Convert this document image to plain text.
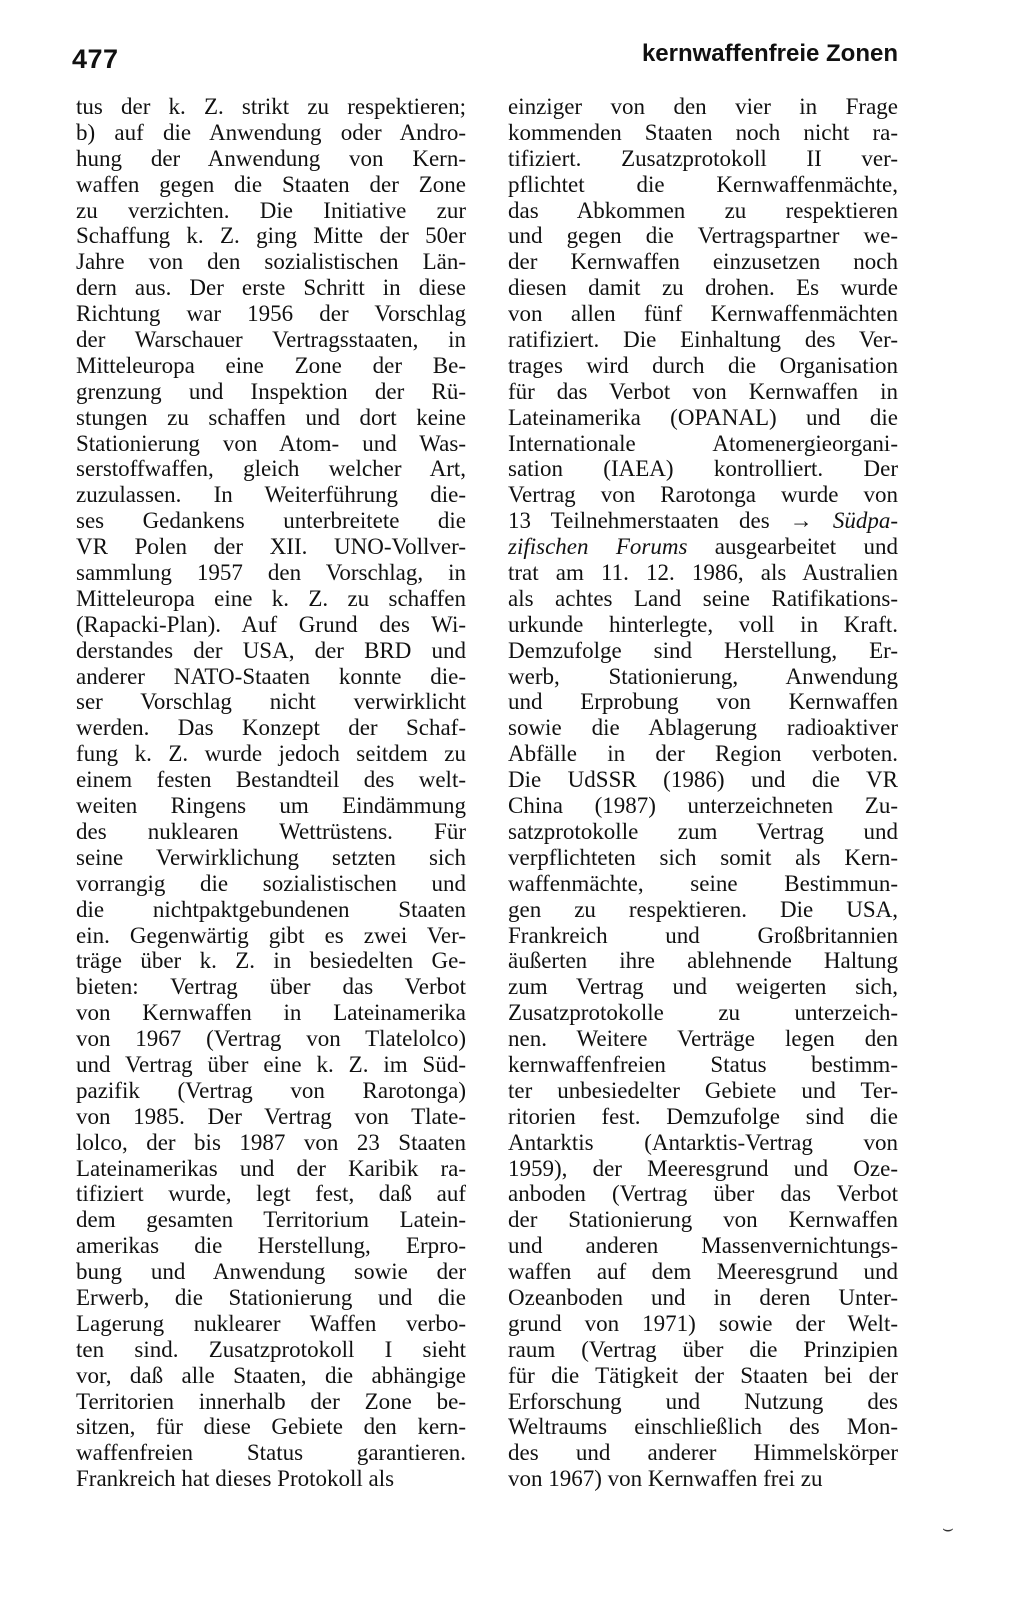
477	kernwaffenfreie Zonen
tus der k. Z. strikt zu respektieren;
b) auf die Anwendung oder Andro-
hung der Anwendung von Kern-
waffen gegen die Staaten der Zone
zu verzichten. Die Initiative zur
Schaffung k. Z. ging Mitte der 50er
Jahre von den sozialistischen Län-
dern aus. Der erste Schritt in diese
Richtung war 1956 der Vorschlag
der Warschauer Vertragsstaaten, in
Mitteleuropa eine Zone der Be-
grenzung und Inspektion der Rü-
stungen zu schaffen und dort keine
Stationierung von Atom- und Was-
serstoffwaffen, gleich welcher Art,
zuzulassen. In Weiterführung die-
ses Gedankens unterbreitete die
VR Polen der XII. UNO-Vollver-
sammlung 1957 den Vorschlag, in
Mitteleuropa eine k. Z. zu schaffen
(Rapacki-Plan). Auf Grund des Wi-
derstandes der USA, der BRD und
anderer NATO-Staaten konnte die-
ser Vorschlag nicht verwirklicht
werden. Das Konzept der Schaf-
fung k. Z. wurde jedoch seitdem zu
einem festen Bestandteil des welt-
weiten Ringens um Eindämmung
des nuklearen Wettrüstens. Für
seine Verwirklichung setzten sich
vorrangig die sozialistischen und
die nichtpaktgebundenen Staaten
ein. Gegenwärtig gibt es zwei Ver-
träge über k. Z. in besiedelten Ge-
bieten: Vertrag über das Verbot
von Kernwaffen in Lateinamerika
von 1967 (Vertrag von Tlatelolco)
und Vertrag über eine k. Z. im Süd-
pazifik (Vertrag von Rarotonga)
von 1985. Der Vertrag von Tlate-
lolco, der bis 1987 von 23 Staaten
Lateinamerikas und der Karibik ra-
tifiziert wurde, legt fest, daß auf
dem gesamten Territorium Latein-
amerikas die Herstellung, Erpro-
bung und Anwendung sowie der
Erwerb, die Stationierung und die
Lagerung nuklearer Waffen verbo-
ten sind. Zusatzprotokoll I sieht
vor, daß alle Staaten, die abhängige
Territorien innerhalb der Zone be-
sitzen, für diese Gebiete den kern-
waffenfreien Status garantieren.
Frankreich hat dieses Protokoll als
einziger von den vier in Frage
kommenden Staaten noch nicht ra-
tifiziert. Zusatzprotokoll II ver-
pflichtet die Kernwaffenmächte,
das Abkommen zu respektieren
und gegen die Vertragspartner we-
der Kernwaffen einzusetzen noch
diesen damit zu drohen. Es wurde
von allen fünf Kernwaffenmächten
ratifiziert. Die Einhaltung des Ver-
trages wird durch die Organisation
für das Verbot von Kernwaffen in
Lateinamerika (OPANAL) und die
Internationale Atomenergieorgani-
sation (IAEA) kontrolliert. Der
Vertrag von Rarotonga wurde von
13 Teilnehmerstaaten des → Südpa-
zifischen Forums ausgearbeitet und
trat am 11. 12. 1986, als Australien
als achtes Land seine Ratifikations-
urkunde hinterlegte, voll in Kraft.
Demzufolge sind Herstellung, Er-
werb, Stationierung, Anwendung
und Erprobung von Kernwaffen
sowie die Ablagerung radioaktiver
Abfälle in der Region verboten.
Die UdSSR (1986) und die VR
China (1987) unterzeichneten Zu-
satzprotokolle zum Vertrag und
verpflichteten sich somit als Kern-
waffenmächte, seine Bestimmun-
gen zu respektieren. Die USA,
Frankreich und Großbritannien
äußerten ihre ablehnende Haltung
zum Vertrag und weigerten sich,
Zusatzprotokolle zu unterzeich-
nen. Weitere Verträge legen den
kernwaffenfreien Status bestimm-
ter unbesiedelter Gebiete und Ter-
ritorien fest. Demzufolge sind die
Antarktis (Antarktis-Vertrag von
1959), der Meeresgrund und Oze-
anboden (Vertrag über das Verbot
der Stationierung von Kernwaffen
und anderen Massenvernichtungs-
waffen auf dem Meeresgrund und
Ozeanboden und in deren Unter-
grund von 1971) sowie der Welt-
raum (Vertrag über die Prinzipien
für die Tätigkeit der Staaten bei der
Erforschung und Nutzung des
Weltraums einschließlich des Mon-
des und anderer Himmelskörper
von 1967) von Kernwaffen frei zu
⌣
